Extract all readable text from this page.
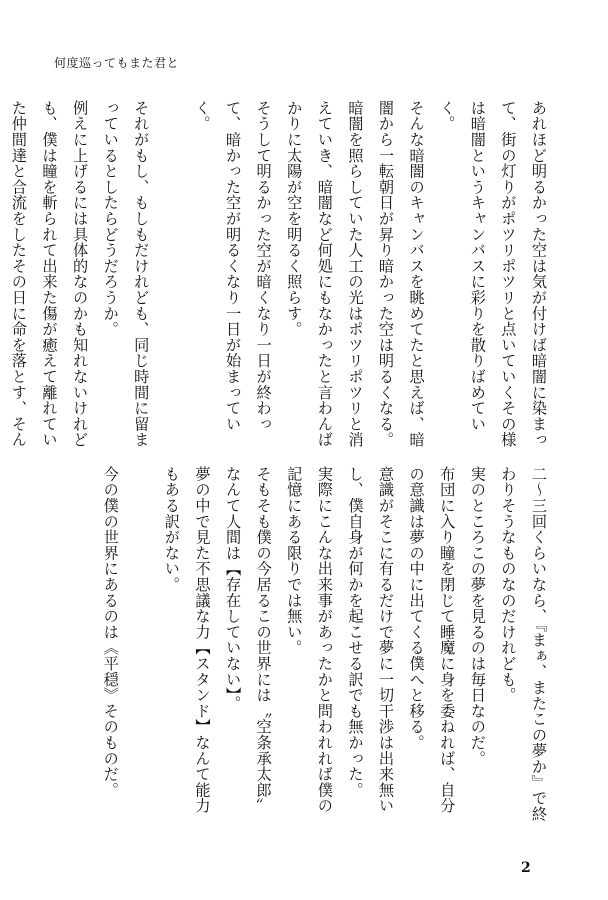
何度巡ってもまた君と

あれほど明るかった空は気が付けば暗闇に染まって、街の灯りがポツリポツリと点いていくその様は暗闇というキャンバスに彩りを散りばめていく。

そんな暗闇のキャンバスを眺めてたと思えば、暗闇から一転朝日が昇り暗かった空は明るくなる。

暗闇を照らしていた人工の光はポツリポツリと消えていき、暗闇など何処にもなかったと言わんばかりに太陽が空を明るく照らす。

そうして明るかった空が暗くなり一日が終わって、暗かった空が明るくなり一日が始まっていく。

それがもし、もしもだけれども、同じ時間に留まっているとしたらどうだろうか。

例えに上げるには具体的なのかも知れないけれども、僕は瞳を斬られて出来た傷が癒えて離れていた仲間達と合流をしたその日に命を落とす、そん

二〜三回くらいなら、『まぁ、またこの夢か』で終わりそうなものなのだけれども。

実のところこの夢を見るのは毎日なのだ。

布団に入り瞳を閉じて睡魔に身を委ねれば、自分の意識は夢の中に出てくる僕へと移る。

意識がそこに有るだけで夢に一切干渉は出来無いし、僕自身が何かを起こせる訳でも無かった。

実際にこんな出来事があったかと問われれば僕の記憶にある限りでは無い。

そもそも僕の今居るこの世界には〝空条承太郎〟なんて人間は【存在していない】。

夢の中で見た不思議な力【スタンド】なんて能力もある訳がない。

今の僕の世界にあるのは《平穏》そのものだ。

2
